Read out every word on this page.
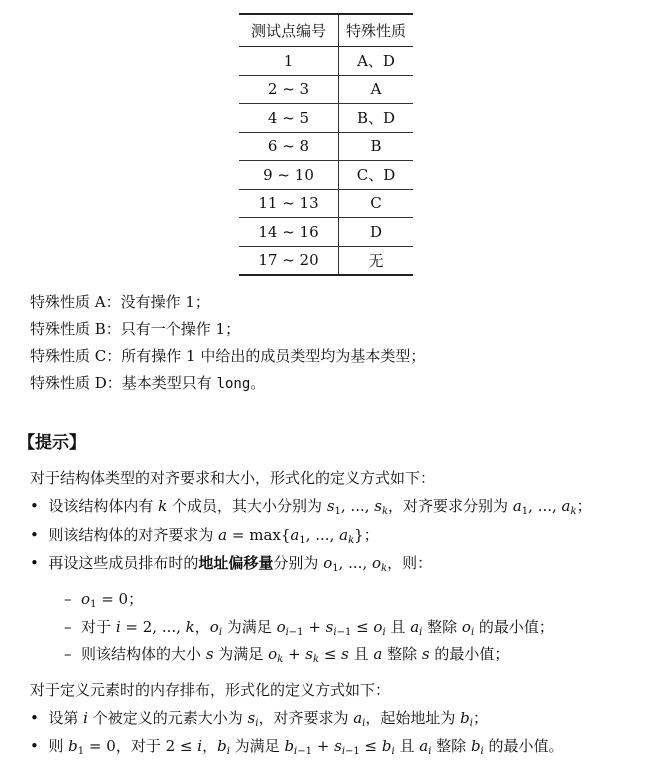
测试点编号	特殊性质
1	A、D
2 ~ 3	A
4 ~ 5	B、D
6 ~ 8	B
9 ~ 10	C、D
11 ~ 13	C
14 ~ 16	D
17 ~ 20	无
特殊性质 A：没有操作 1；
特殊性质 B：只有一个操作 1；
特殊性质 C：所有操作 1 中给出的成员类型均为基本类型；
特殊性质 D：基本类型只有 long。
【提示】
对于结构体类型的对齐要求和大小，形式化的定义方式如下：
•  设该结构体内有 k 个成员，其大小分别为 $s_1$, ..., $s_k$，对齐要求分别为 $a_1$, ..., $a_k$；
•  则该结构体的对齐要求为 $a = \max\{a_1$, ..., $a_k$}；
•  再设这些成员排布时的地址偏移量分别为 $o_1$, ..., $o_k$，则：
–  $o_1 = 0$；
–  对于 i = 2, ..., k，$o_i$ 为满足 $o_{i-1} + s_{i-1} \le o_i$ 且 $a_i$ 整除 $o_i$ 的最小值；
–  则该结构体的大小 s 为满足 $o_k + s_k \le s$ 且 a 整除 s 的最小值；
对于定义元素时的内存排布，形式化的定义方式如下：
•  设第 i 个被定义的元素大小为 $s_i$，对齐要求为 $a_i$，起始地址为 $b_i$；
•  则 $b_1 = 0$，对于 2 ≤ i，$b_i$ 为满足 $b_{i-1} + s_{i-1} \le b_i$ 且 $a_i$ 整除 $b_i$ 的最小值。
